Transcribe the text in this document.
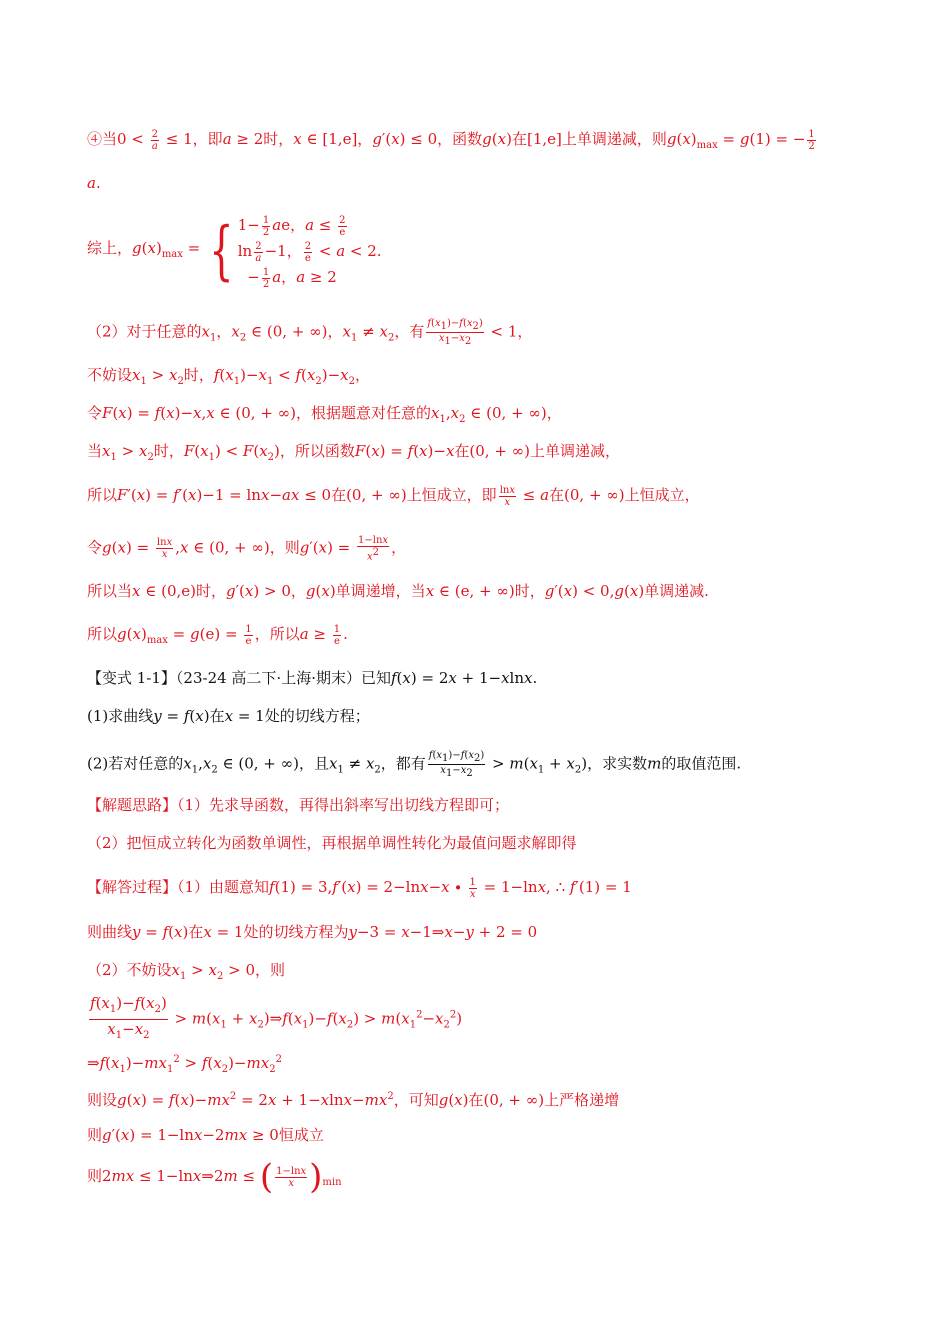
④当$0 < \frac{2}{a} \le 1$，即a ≥ 2时，x ∈ [1,e]，g′(x) ≤ 0，函数g(x)在[1,e]上单调递减，则$g(x)_{max} = g(1)$ = − $\frac{1}{2}$
a.
综上，$g(x)_{max}$ = { $1- \frac{1}{2}$ ae，$a \le \frac{2}{e}$
$\ln \frac{2}{a} -1$， $\frac{2}{e} < a < 2$
− $\frac{1}{2}$ a，a ≥ 2
.
（2）对于任意的$x_1$，$x_2$ ∈ (0, + ∞)，$x_1 \ne x_2$，有 $\frac{f(x_1)-f(x_2)}{x_1-x_2} < 1$，
不妨设$x_1 > x_2$时，$f(x_1)-x_1 < f(x_2)-x_2$，
令F(x) = f(x)−x,x ∈ (0, + ∞)，根据题意对任意的$x_1,x_2$ ∈ (0, + ∞)，
当$x_1 > x_2$时，$F(x_1) < F(x_2)$，所以函数F(x) = f(x)−x在(0, + ∞)上单调递减，
所以F′(x) = f′(x)−1 = lnx−ax ≤ 0在(0, + ∞)上恒成立，即 $\frac{\ln x}{x} \le a$在(0, + ∞)上恒成立，
令$g(x) = \frac{\ln x}{x} ,x$ ∈ (0, + ∞)，则$g'(x) = \frac{1-\ln x}{x^2}$ ，
所以当x ∈ (0,e)时，g′(x) > 0，g(x)单调递增，当x ∈ (e, + ∞)时，g′(x) < 0,g(x)单调递减.
所以$g(x)_{max} = g(e) = \frac{1}{e}$ ，所以$a \ge \frac{1}{e}$ .
【变式 1-1】（23-24 高二下·上海·期末）已知f(x) = 2x + 1−xlnx.
(1)求曲线y = f(x)在x = 1处的切线方程；
(2)若对任意的$x_1,x_2$ ∈ (0, + ∞)，且$x_1 \ne x_2$，都有 $\frac{f(x_1)-f(x_2)}{x_1-x_2} > m(x_1 + x_2)$，求实数m的取值范围.
【解题思路】（1）先求导函数，再得出斜率写出切线方程即可；
（2）把恒成立转化为函数单调性，再根据单调性转化为最值问题求解即得
【解答过程】（1）由题意知$f(1) = 3,f'(x) = 2-\ln x-x \cdot \frac{1}{x} = 1-\ln x$, ∴ f′(1) = 1
则曲线y = f(x)在x = 1处的切线方程为y−3 = x−1⇒x−y + 2 = 0
（2）不妨设$x_1 > x_2 > 0$，则
$\frac{f(x_1)-f(x_2)}{x_1-x_2} > m(x_1$ + $x_2)\Rightarrow f(x_1)-f(x_2) > m(x_1^2-x_2^2)$
$\Rightarrow f(x_1)-mx_1^2 > f(x_2)-mx_2^2$
则设$g(x) = f(x)-mx^2 = 2x + 1-xlnx-mx^2$，可知g(x)在(0, + ∞)上严格递增
则g′(x) = 1−lnx−2mx ≥ 0恒成立
则2mx ≤ 1−lnx⇒2m ≤ ( $\frac{1-\ln x}{x} )_{min}$
